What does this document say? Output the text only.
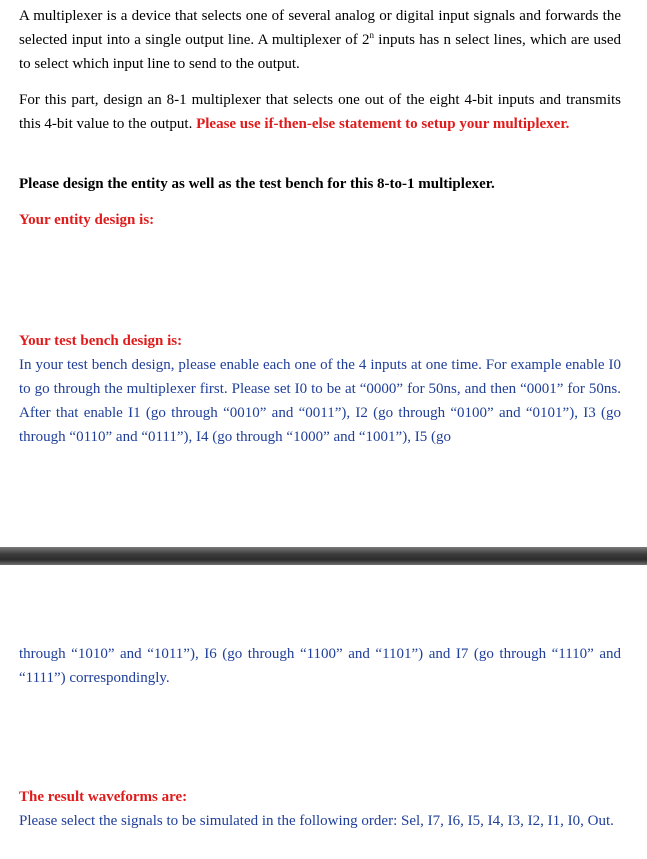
A multiplexer is a device that selects one of several analog or digital input signals and forwards the selected input into a single output line. A multiplexer of 2$^n$ inputs has n select lines, which are used to select which input line to send to the output.

For this part, design an 8-1 multiplexer that selects one out of the eight 4-bit inputs and transmits this 4-bit value to the output. Please use if-then-else statement to setup your multiplexer.

Please design the entity as well as the test bench for this 8-to-1 multiplexer.

Your entity design is:

Your test bench design is:

In your test bench design, please enable each one of the 4 inputs at one time. For example enable I0 to go through the multiplexer first. Please set I0 to be at “0000” for 50ns, and then “0001” for 50ns. After that enable I1 (go through “0010” and “0011”), I2 (go through “0100” and “0101”), I3 (go through “0110” and “0111”), I4 (go through “1000” and “1001”), I5 (go

through “1010” and “1011”), I6 (go through “1100” and “1101”) and I7 (go through “1110” and “1111”) correspondingly.

The result waveforms are:

Please select the signals to be simulated in the following order: Sel, I7, I6, I5, I4, I3, I2, I1, I0, Out.
